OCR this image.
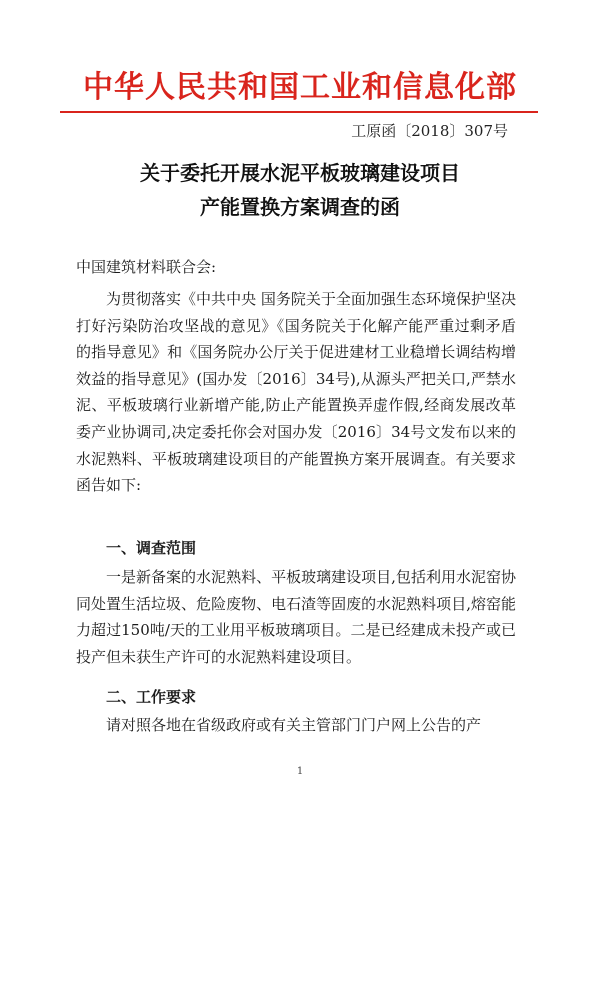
中华人民共和国工业和信息化部
工原函〔2018〕307号
关于委托开展水泥平板玻璃建设项目
产能置换方案调查的函
中国建筑材料联合会:
为贯彻落实《中共中央 国务院关于全面加强生态环境保护坚决打好污染防治攻坚战的意见》《国务院关于化解产能严重过剩矛盾的指导意见》和《国务院办公厅关于促进建材工业稳增长调结构增效益的指导意见》(国办发〔2016〕34号),从源头严把关口,严禁水泥、平板玻璃行业新增产能,防止产能置换弄虚作假,经商发展改革委产业协调司,决定委托你会对国办发〔2016〕34号文发布以来的水泥熟料、平板玻璃建设项目的产能置换方案开展调查。有关要求函告如下:
一、调查范围
一是新备案的水泥熟料、平板玻璃建设项目,包括利用水泥窑协同处置生活垃圾、危险废物、电石渣等固废的水泥熟料项目,熔窑能力超过150吨/天的工业用平板玻璃项目。二是已经建成未投产或已投产但未获生产许可的水泥熟料建设项目。
二、工作要求
请对照各地在省级政府或有关主管部门门户网上公告的产
1
